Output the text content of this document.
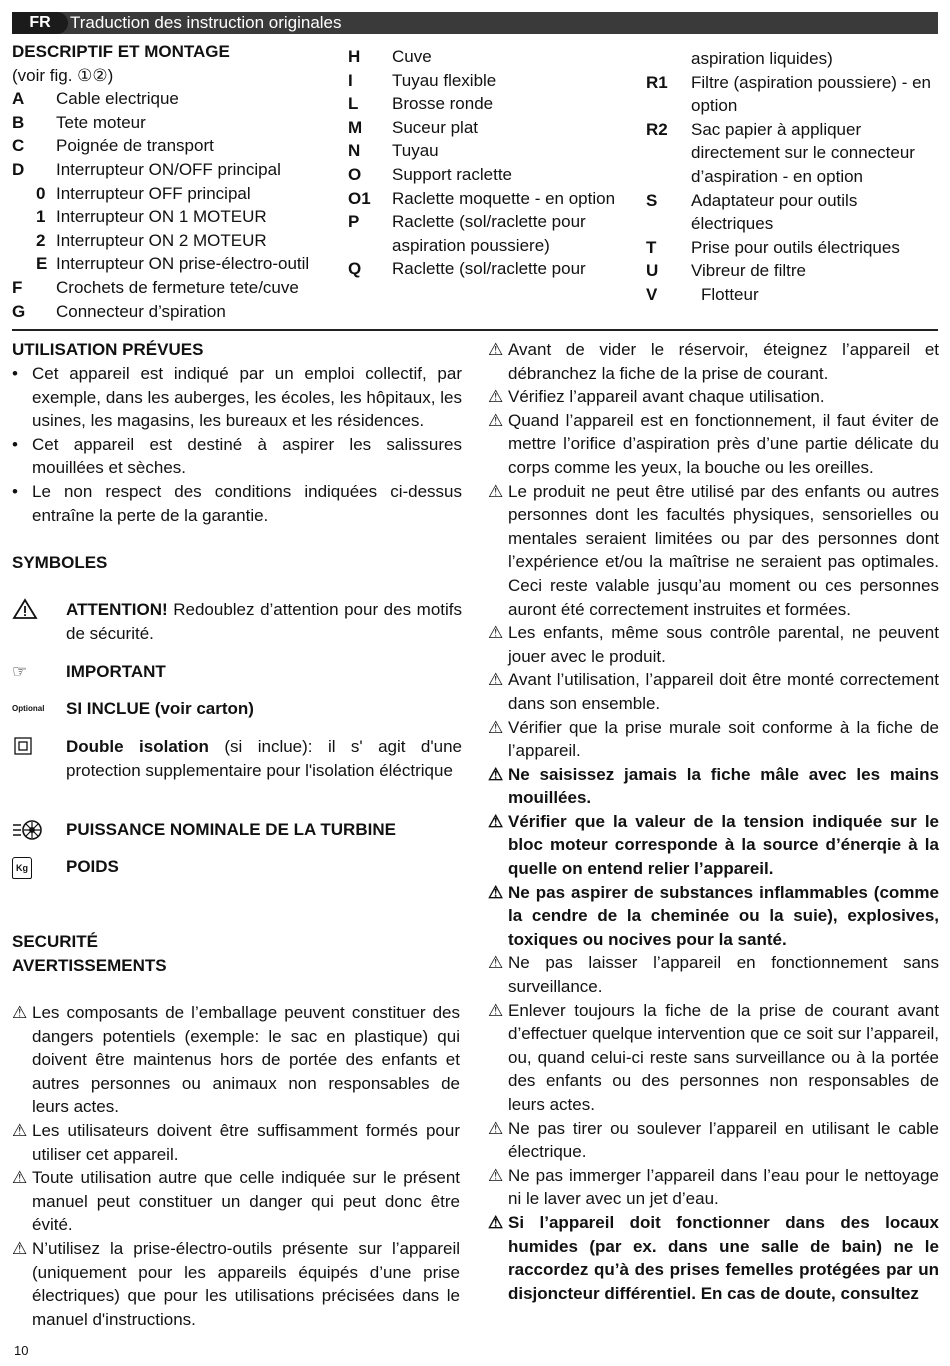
FR	Traduction des instruction originales
DESCRIPTIF ET MONTAGE
(voir fig. ①②)
A	Cable electrique
B	Tete moteur
C	Poignée de transport
D	Interrupteur ON/OFF principal
0 Interrupteur OFF principal
1 Interrupteur ON 1 MOTEUR
2 Interrupteur ON 2 MOTEUR
E Interrupteur ON prise-électro-outil
F	Crochets de fermeture tete/cuve
G	Connecteur d’spiration
H	Cuve
I	Tuyau flexible
L	Brosse ronde
M	Suceur plat
N	Tuyau
O	Support raclette
O1	Raclette moquette - en option
P	Raclette (sol/raclette pour aspiration poussiere)
Q	Raclette (sol/raclette pour
aspiration liquides)
R1	Filtre (aspiration poussiere) - en option
R2	Sac papier à appliquer directement sur le connecteur d’aspiration - en option
S	Adaptateur pour outils électriques
T	Prise pour outils électriques
U	Vibreur de filtre
V	Flotteur
UTILISATION PRÉVUES
• Cet appareil est indiqué par un emploi collectif, par exemple, dans les auberges, les écoles, les hôpitaux, les usines, les magasins, les bureaux et les résidences.
• Cet appareil est destiné à aspirer les salissures mouillées et sèches.
• Le non respect des conditions indiquées ci-dessus entraîne la perte de la garantie.
SYMBOLES
ATTENTION! Redoublez d’attention pour des motifs de sécurité.
☞	IMPORTANT
Optional	SI INCLUE (voir carton)
Double isolation (si inclue): il s' agit d'une protection supplementaire pour l'isolation éléctrique
PUISSANCE NOMINALE DE LA TURBINE
Kg	POIDS
SECURITÉ
AVERTISSEMENTS
⚠ Les composants de l’emballage peuvent constituer des dangers potentiels (exemple: le sac en plastique) qui doivent être maintenus hors de portée des enfants et autres personnes ou animaux non responsables de leurs actes.
⚠ Les utilisateurs doivent être suffisamment formés pour utiliser cet appareil.
⚠ Toute utilisation autre que celle indiquée sur le présent manuel peut constituer un danger qui peut donc être évité.
⚠ N’utilisez la prise-électro-outils présente sur l’appareil (uniquement pour les appareils équipés d’une prise électriques) que pour les utilisations précisées dans le manuel d'instructions.
⚠ Avant de vider le réservoir, éteignez l’appareil et débranchez la fiche de la prise de courant.
⚠ Vérifiez l’appareil avant chaque utilisation.
⚠ Quand l’appareil est en fonctionnement, il faut éviter de mettre l’orifice d’aspiration près d’une partie délicate du corps comme les yeux, la bouche ou les oreilles.
⚠ Le produit ne peut être utilisé par des enfants ou autres personnes dont les facultés physiques, sensorielles ou mentales seraient limitées ou par des personnes dont l’expérience et/ou la maîtrise ne seraient pas optimales. Ceci reste valable jusqu’au moment ou ces personnes auront été correctement instruites et formées.
⚠ Les enfants, même sous contrôle parental, ne peuvent jouer avec le produit.
⚠ Avant l’utilisation, l’appareil doit être monté correctement dans son ensemble.
⚠ Vérifier que la prise murale soit conforme à la fiche de l’appareil.
⚠ Ne saisissez jamais la fiche mâle avec les mains mouillées.
⚠ Vérifier que la valeur de la tension indiquée sur le bloc moteur corresponde à la source d’énerqie à la quelle on entend relier l’appareil.
⚠ Ne pas aspirer de substances inflammables (comme la cendre de la cheminée ou la suie), explosives, toxiques ou nocives pour la santé.
⚠ Ne pas laisser l’appareil en fonctionnement sans surveillance.
⚠ Enlever toujours la fiche de la prise de courant avant d’effectuer quelque intervention que ce soit sur l’appareil, ou, quand celui-ci reste sans surveillance ou à la portée des enfants ou des personnes non responsables de leurs actes.
⚠ Ne pas tirer ou soulever l’appareil en utilisant le cable électrique.
⚠ Ne pas immerger l’appareil dans l’eau pour le nettoyage ni le laver avec un jet d’eau.
⚠ Si l’appareil doit fonctionner dans des locaux humides (par ex. dans une salle de bain) ne le raccordez qu’à des prises femelles protégées par un disjoncteur différentiel. En cas de doute, consultez
10
